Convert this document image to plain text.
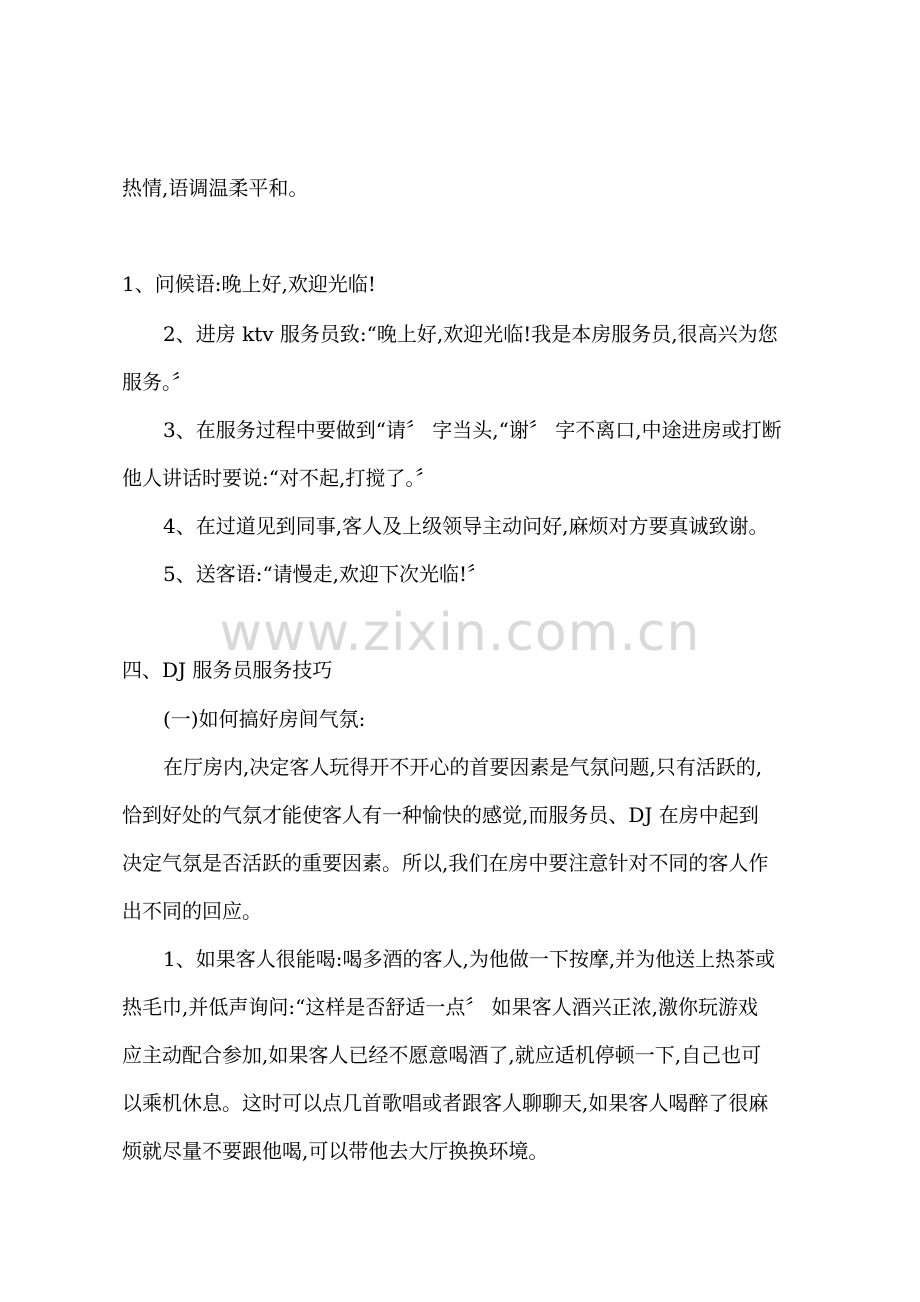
热情,语调温柔平和。

1、问候语:晚上好,欢迎光临!

2、进房 ktv 服务员致:“晚上好,欢迎光临!我是本房服务员,很高兴为您

服务。〞

3、在服务过程中要做到“请〞 字当头,“谢〞 字不离口,中途进房或打断

他人讲话时要说:“对不起,打搅了。〞

4、在过道见到同事,客人及上级领导主动问好,麻烦对方要真诚致谢。

5、送客语:“请慢走,欢迎下次光临!〞

www.zixin.com.cn

四、DJ 服务员服务技巧

(一)如何搞好房间气氛:

在厅房内,决定客人玩得开不开心的首要因素是气氛问题,只有活跃的,

恰到好处的气氛才能使客人有一种愉快的感觉,而服务员、DJ 在房中起到

决定气氛是否活跃的重要因素。所以,我们在房中要注意针对不同的客人作

出不同的回应。

1、如果客人很能喝:喝多酒的客人,为他做一下按摩,并为他送上热茶或

热毛巾,并低声询问:“这样是否舒适一点〞 如果客人酒兴正浓,激你玩游戏

应主动配合参加,如果客人已经不愿意喝酒了,就应适机停顿一下,自己也可

以乘机休息。这时可以点几首歌唱或者跟客人聊聊天,如果客人喝醉了很麻

烦就尽量不要跟他喝,可以带他去大厅换换环境。
